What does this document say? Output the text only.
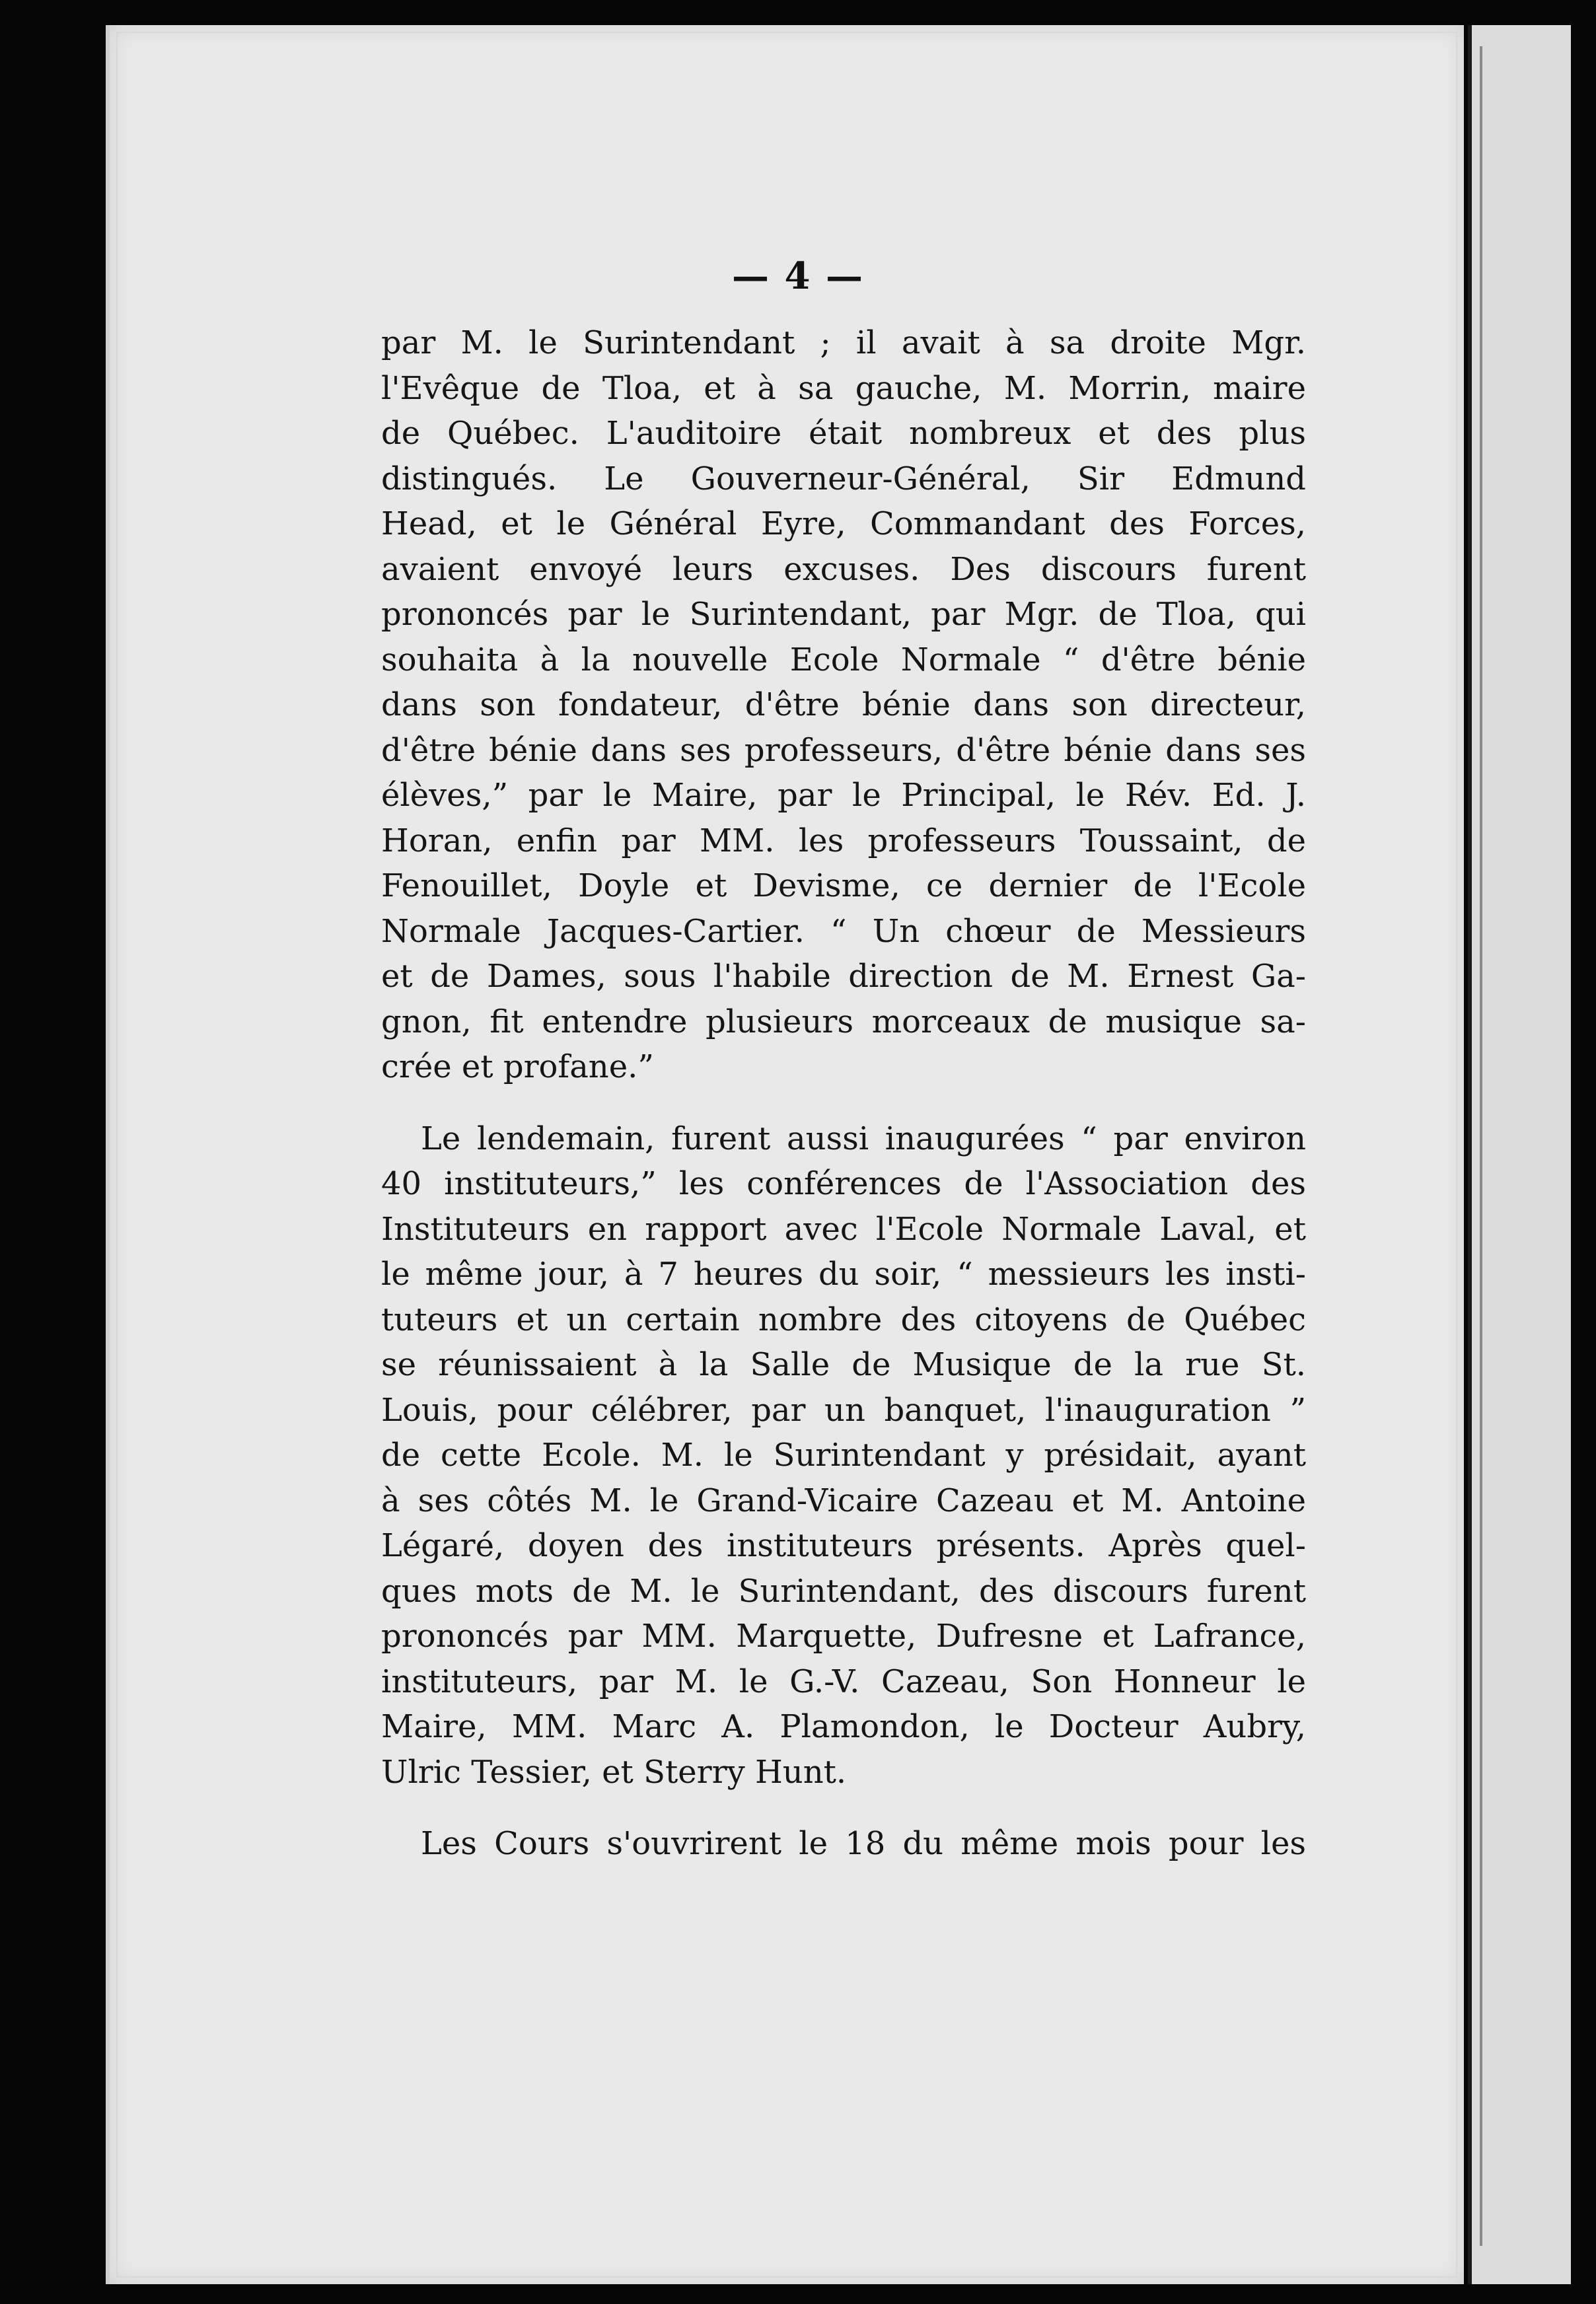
— 4 —
par M. le Surintendant ; il avait à sa droite Mgr.
l'Evêque de Tloa, et à sa gauche, M. Morrin, maire
de Québec. L'auditoire était nombreux et des plus
distingués. Le Gouverneur-Général, Sir Edmund
Head, et le Général Eyre, Commandant des Forces,
avaient envoyé leurs excuses. Des discours furent
prononcés par le Surintendant, par Mgr. de Tloa, qui
souhaita à la nouvelle Ecole Normale “ d'être bénie
dans son fondateur, d'être bénie dans son directeur,
d'être bénie dans ses professeurs, d'être bénie dans ses
élèves,” par le Maire, par le Principal, le Rév. Ed. J.
Horan, enfin par MM. les professeurs Toussaint, de
Fenouillet, Doyle et Devisme, ce dernier de l'Ecole
Normale Jacques-Cartier. “ Un chœur de Messieurs
et de Dames, sous l'habile direction de M. Ernest Ga-
gnon, fit entendre plusieurs morceaux de musique sa-
crée et profane.”
Le lendemain, furent aussi inaugurées “ par environ
40 instituteurs,” les conférences de l'Association des
Instituteurs en rapport avec l'Ecole Normale Laval, et
le même jour, à 7 heures du soir, “ messieurs les insti-
tuteurs et un certain nombre des citoyens de Québec
se réunissaient à la Salle de Musique de la rue St.
Louis, pour célébrer, par un banquet, l'inauguration ”
de cette Ecole. M. le Surintendant y présidait, ayant
à ses côtés M. le Grand-Vicaire Cazeau et M. Antoine
Légaré, doyen des instituteurs présents. Après quel-
ques mots de M. le Surintendant, des discours furent
prononcés par MM. Marquette, Dufresne et Lafrance,
instituteurs, par M. le G.-V. Cazeau, Son Honneur le
Maire, MM. Marc A. Plamondon, le Docteur Aubry,
Ulric Tessier, et Sterry Hunt.
Les Cours s'ouvrirent le 18 du même mois pour les
